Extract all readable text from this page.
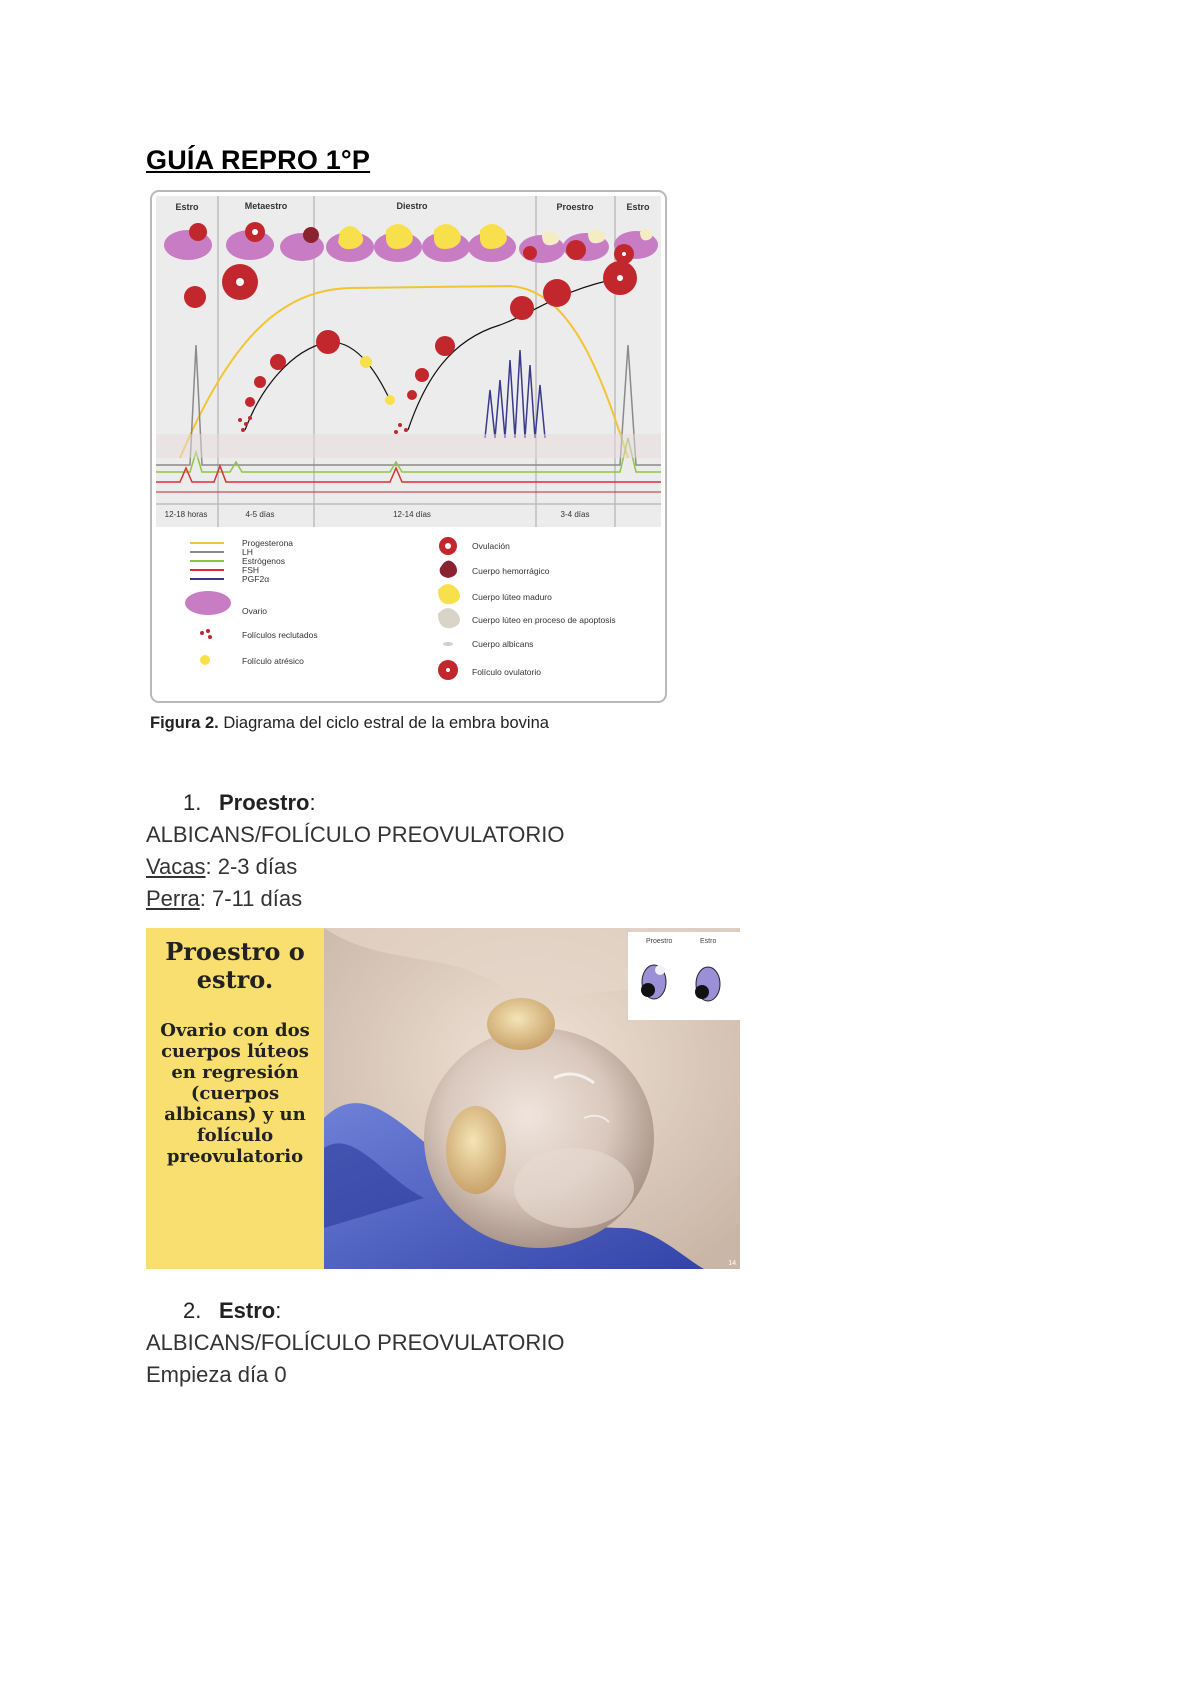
GUÍA REPRO 1°P
Estro	Metaestro	Diestro	Proestro	Estro
12-18 horas	4-5 días	12-14 días	3-4 días
Progesterona
LH
Estrógenos
FSH
PGF2α
Ovario
Folículos reclutados
Folículo atrésico
Ovulación
Cuerpo hemorrágico
Cuerpo lúteo maduro
Cuerpo lúteo en proceso de apoptosis
Cuerpo albicans
Folículo ovulatorio
Figura 2. Diagrama del ciclo estral de la embra bovina
1. Proestro:
ALBICANS/FOLÍCULO PREOVULATORIO
Vacas: 2-3 días
Perra: 7-11 días
Proestro o estro.
Ovario con dos cuerpos lúteos en regresión (cuerpos albicans) y un folículo preovulatorio
Proestro	Estro
14
2. Estro:
ALBICANS/FOLÍCULO PREOVULATORIO
Empieza día 0
